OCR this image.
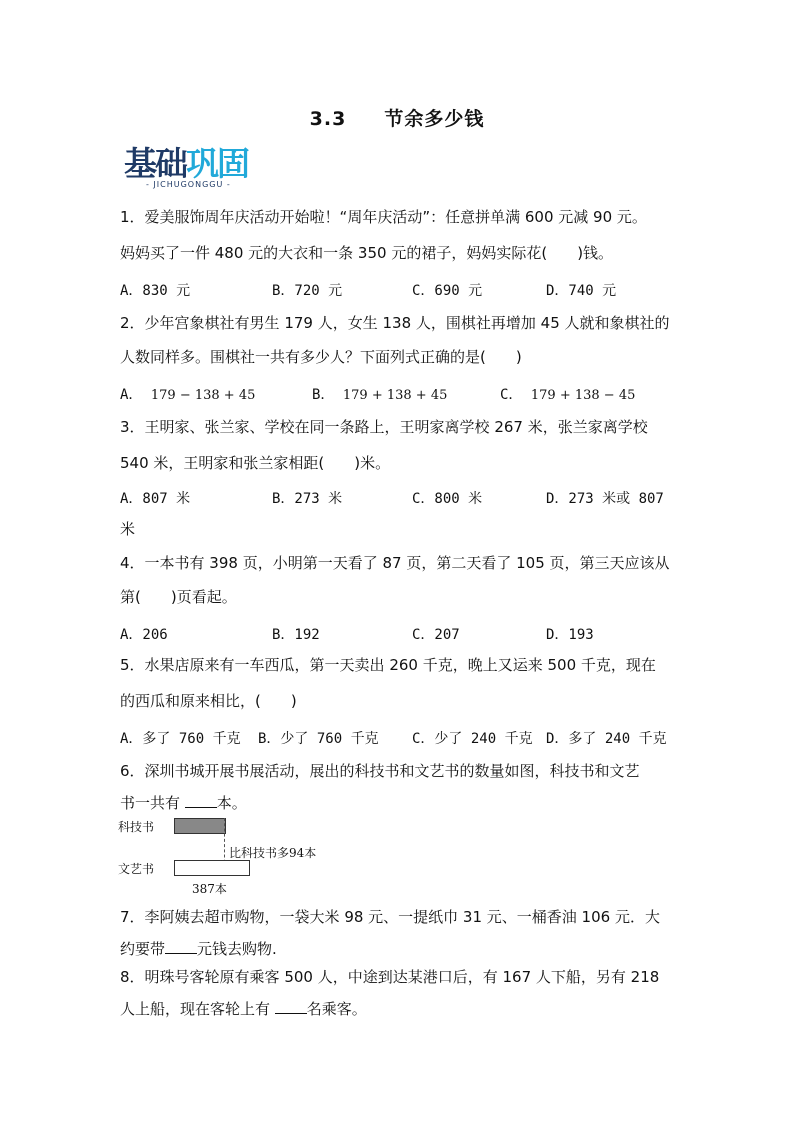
3.3 节余多少钱
基础巩固
- JICHUGONGGU -
1．爱美服饰周年庆活动开始啦！“周年庆活动”：任意拼单满 600 元减 90 元。
妈妈买了一件 480 元的大衣和一条 350 元的裙子，妈妈实际花(　　)钱。
A．830 元	B．720 元	C．690 元	D．740 元
2．少年宫象棋社有男生 179 人，女生 138 人，围棋社再增加 45 人就和象棋社的
人数同样多。围棋社一共有多少人？下面列式正确的是(　　)
A． 179 − 138 + 45	B． 179 + 138 + 45	C． 179 + 138 − 45
3．王明家、张兰家、学校在同一条路上，王明家离学校 267 米，张兰家离学校
540 米，王明家和张兰家相距(　　)米。
A．807 米	B．273 米	C．800 米	D．273 米或 807
米
4．一本书有 398 页，小明第一天看了 87 页，第二天看了 105 页，第三天应该从
第(　　)页看起。
A．206	B．192	C．207	D．193
5．水果店原来有一车西瓜，第一天卖出 260 千克，晚上又运来 500 千克，现在
的西瓜和原来相比，(　　)
A．多了 760 千克 B．少了 760 千克 C．少了 240 千克 D．多了 240 千克
6．深圳书城开展书展活动，展出的科技书和文艺书的数量如图，科技书和文艺
书一共有 本。
科技书
比科技书多94本
文艺书
387本
7．李阿姨去超市购物，一袋大米 98 元、一提纸巾 31 元、一桶香油 106 元．大
约要带 元钱去购物.
8．明珠号客轮原有乘客 500 人，中途到达某港口后，有 167 人下船，另有 218
人上船，现在客轮上有 名乘客。
